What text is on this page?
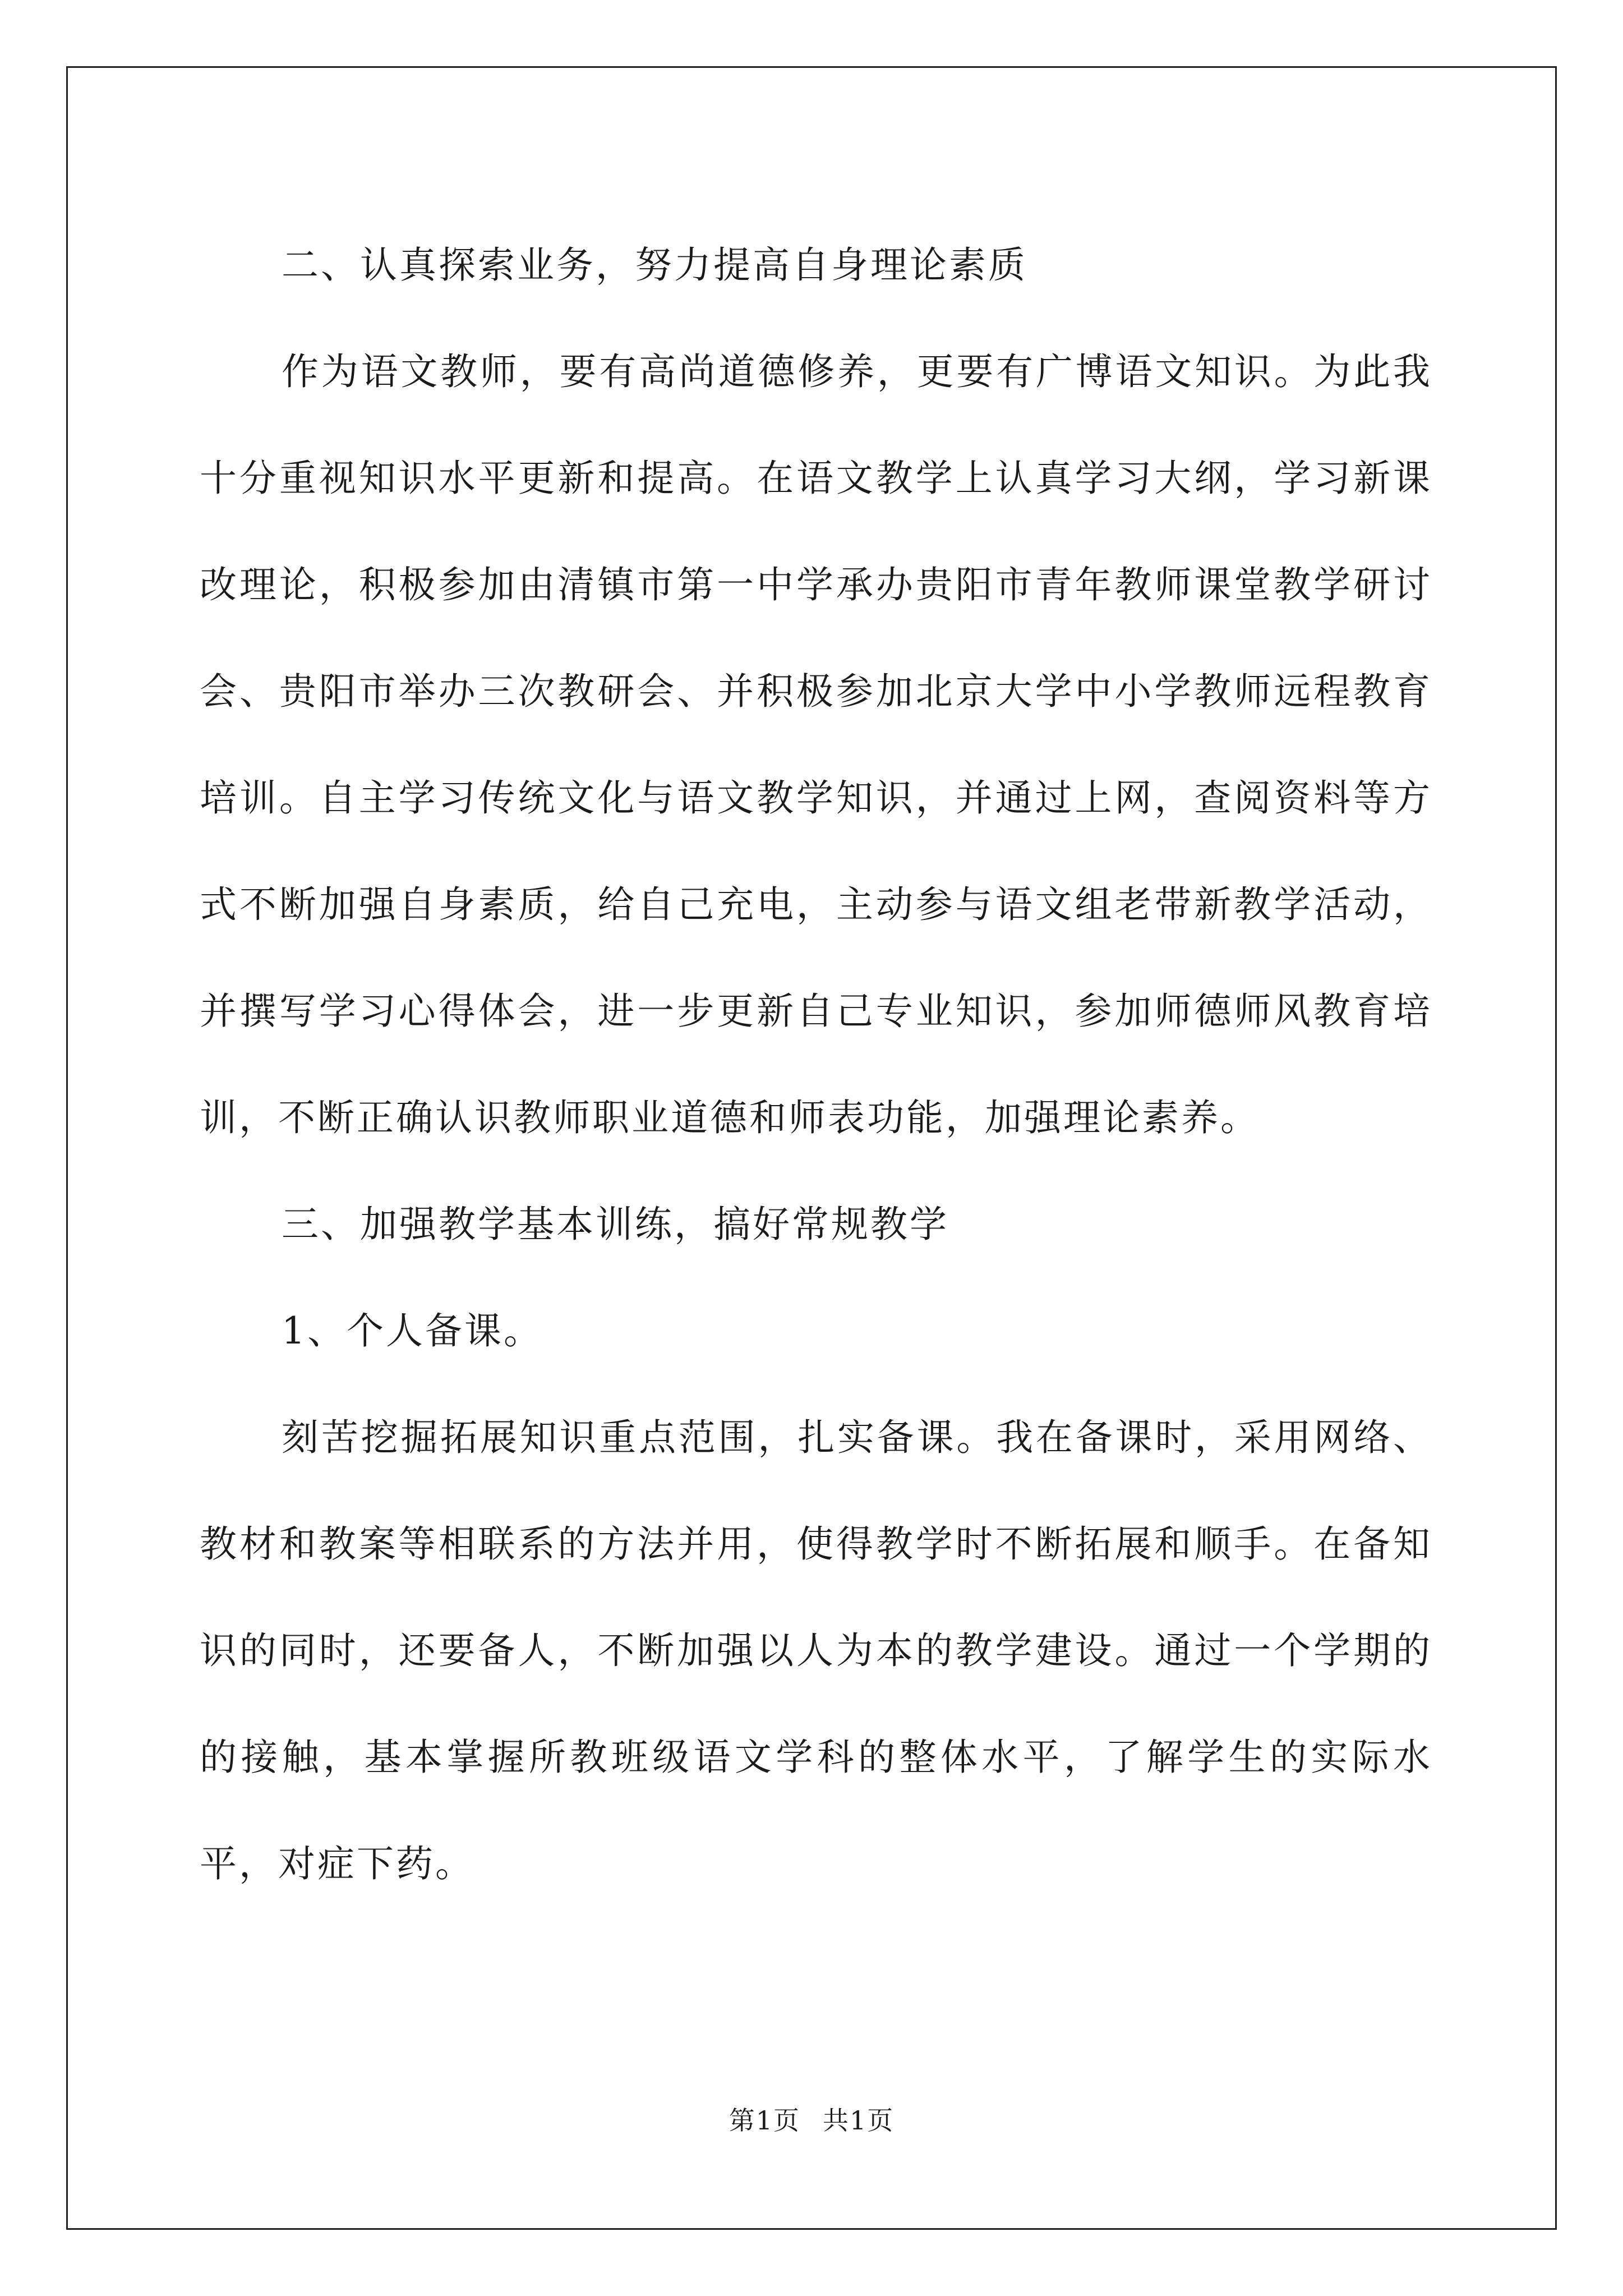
二、认真探索业务，努力提高自身理论素质

作为语文教师，要有高尚道德修养，更要有广博语文知识。为此我十分重视知识水平更新和提高。在语文教学上认真学习大纲，学习新课改理论，积极参加由清镇市第一中学承办贵阳市青年教师课堂教学研讨会、贵阳市举办三次教研会、并积极参加北京大学中小学教师远程教育培训。自主学习传统文化与语文教学知识，并通过上网，查阅资料等方式不断加强自身素质，给自己充电，主动参与语文组老带新教学活动，并撰写学习心得体会，进一步更新自己专业知识，参加师德师风教育培训，不断正确认识教师职业道德和师表功能，加强理论素养。

三、加强教学基本训练，搞好常规教学

1、个人备课。

刻苦挖掘拓展知识重点范围，扎实备课。我在备课时，采用网络、教材和教案等相联系的方法并用，使得教学时不断拓展和顺手。在备知识的同时，还要备人，不断加强以人为本的教学建设。通过一个学期的的接触，基本掌握所教班级语文学科的整体水平，了解学生的实际水平，对症下药。

第1页 共1页
